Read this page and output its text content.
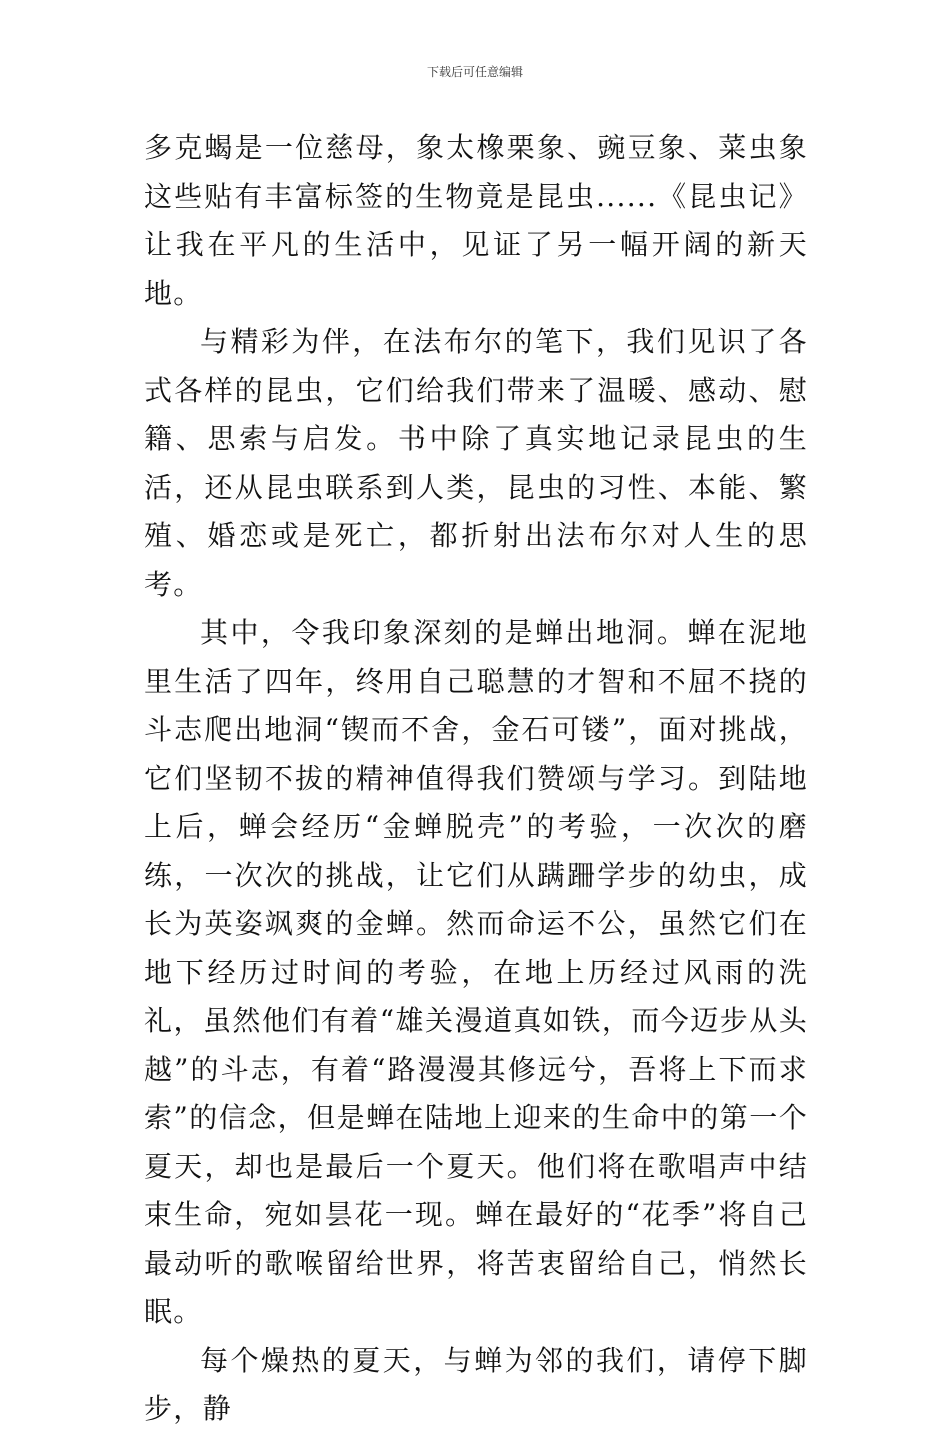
下载后可任意编辑

多克蝎是一位慈母，象太橡栗象、豌豆象、菜虫象这些贴有丰富标签的生物竟是昆虫......《昆虫记》让我在平凡的生活中，见证了另一幅开阔的新天地。

与精彩为伴，在法布尔的笔下，我们见识了各式各样的昆虫，它们给我们带来了温暖、感动、慰籍、思索与启发。书中除了真实地记录昆虫的生活，还从昆虫联系到人类，昆虫的习性、本能、繁殖、婚恋或是死亡，都折射出法布尔对人生的思考。

其中，令我印象深刻的是蝉出地洞。蝉在泥地里生活了四年，终用自己聪慧的才智和不屈不挠的斗志爬出地洞“锲而不舍，金石可镂”，面对挑战，它们坚韧不拔的精神值得我们赞颂与学习。到陆地上后，蝉会经历“金蝉脱壳”的考验，一次次的磨练，一次次的挑战，让它们从蹒跚学步的幼虫，成长为英姿飒爽的金蝉。然而命运不公，虽然它们在地下经历过时间的考验，在地上历经过风雨的洗礼，虽然他们有着“雄关漫道真如铁，而今迈步从头越”的斗志，有着“路漫漫其修远兮，吾将上下而求索”的信念，但是蝉在陆地上迎来的生命中的第一个夏天，却也是最后一个夏天。他们将在歌唱声中结束生命，宛如昙花一现。蝉在最好的“花季”将自己最动听的歌喉留给世界，将苦衷留给自己，悄然长眠。

每个燥热的夏天，与蝉为邻的我们，请停下脚步，静
